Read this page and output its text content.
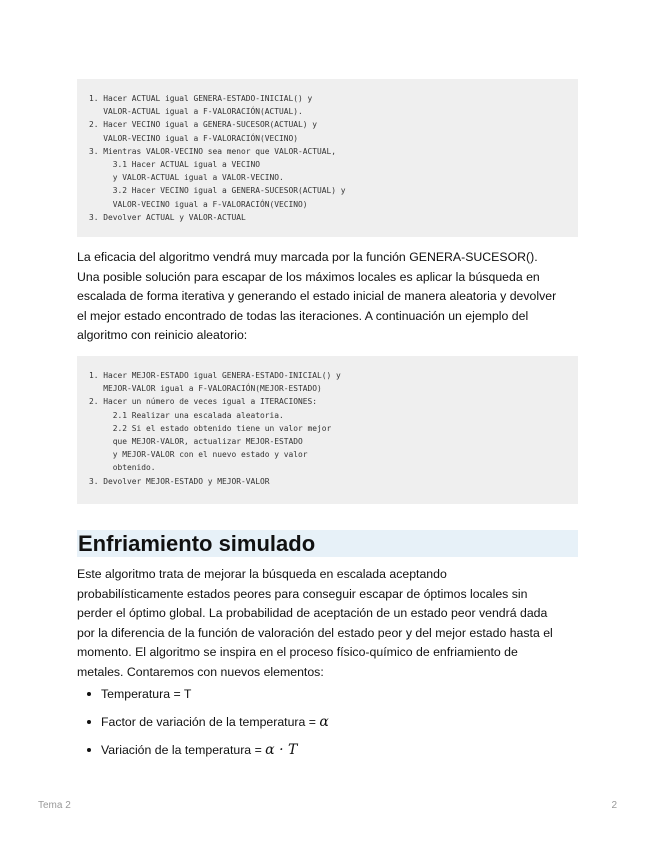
1. Hacer ACTUAL igual GENERA-ESTADO-INICIAL() y
VALOR-ACTUAL igual a F-VALORACIÓN(ACTUAL).
2. Hacer VECINO igual a GENERA-SUCESOR(ACTUAL) y
VALOR-VECINO igual a F-VALORACIÓN(VECINO)
3. Mientras VALOR-VECINO sea menor que VALOR-ACTUAL,
3.1 Hacer ACTUAL igual a VECINO
y VALOR-ACTUAL igual a VALOR-VECINO.
3.2 Hacer VECINO igual a GENERA-SUCESOR(ACTUAL) y
VALOR-VECINO igual a F-VALORACIÓN(VECINO)
3. Devolver ACTUAL y VALOR-ACTUAL
La eficacia del algoritmo vendrá muy marcada por la función GENERA-SUCESOR().
Una posible solución para escapar de los máximos locales es aplicar la búsqueda en
escalada de forma iterativa y generando el estado inicial de manera aleatoria y devolver
el mejor estado encontrado de todas las iteraciones. A continuación un ejemplo del
algoritmo con reinicio aleatorio:
1. Hacer MEJOR-ESTADO igual GENERA-ESTADO-INICIAL() y
MEJOR-VALOR igual a F-VALORACIÓN(MEJOR-ESTADO)
2. Hacer un número de veces igual a ITERACIONES:
2.1 Realizar una escalada aleatoria.
2.2 Si el estado obtenido tiene un valor mejor
que MEJOR-VALOR, actualizar MEJOR-ESTADO
y MEJOR-VALOR con el nuevo estado y valor
obtenido.
3. Devolver MEJOR-ESTADO y MEJOR-VALOR
Enfriamiento simulado
Este algoritmo trata de mejorar la búsqueda en escalada aceptando
probabilísticamente estados peores para conseguir escapar de óptimos locales sin
perder el óptimo global. La probabilidad de aceptación de un estado peor vendrá dada
por la diferencia de la función de valoración del estado peor y del mejor estado hasta el
momento. El algoritmo se inspira en el proceso físico-químico de enfriamiento de
metales. Contaremos con nuevos elementos:
Temperatura = T
Factor de variación de la temperatura = α
Variación de la temperatura = α · T
Tema 2	2
